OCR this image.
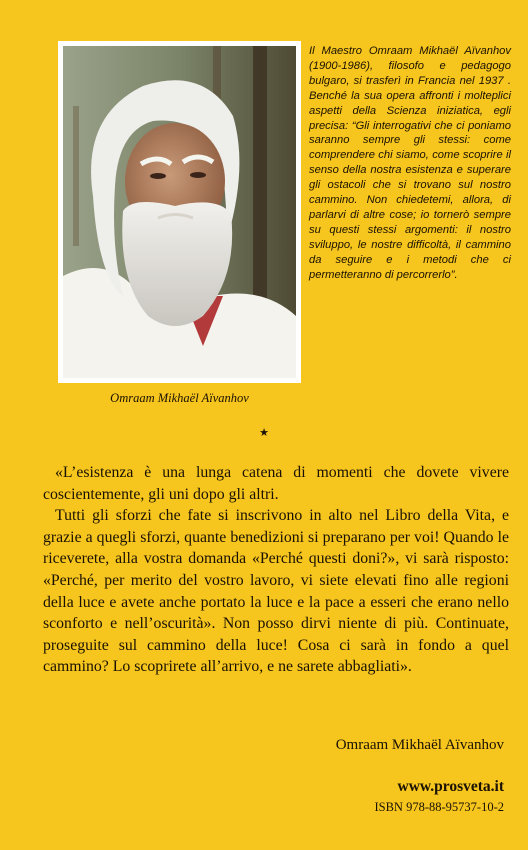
Omraam Mikhaël Aïvanhov

Il Maestro Omraam Mikhaël Aïvanhov (1900-1986), filosofo e pedagogo bulgaro, si trasferì in Francia nel 1937 . Benché la sua opera affronti i molteplici aspetti della Scienza iniziatica, egli precisa: “Gli interrogativi che ci poniamo saranno sempre gli stessi: come comprendere chi siamo, come scoprire il senso della nostra esistenza e superare gli ostacoli che si trovano sul nostro cammino. Non chiedetemi, allora, di parlarvi di altre cose; io tornerò sempre su questi stessi argomenti: il nostro sviluppo, le nostre difficoltà, il cammino da seguire e i metodi che ci permetteranno di percorrerlo”.

★

«L’esistenza è una lunga catena di momenti che dovete vivere coscientemente, gli uni dopo gli altri.

Tutti gli sforzi che fate si inscrivono in alto nel Libro della Vita, e grazie a quegli sforzi, quante benedizioni si preparano per voi! Quando le riceverete, alla vostra domanda «Perché questi doni?», vi sarà risposto: «Perché, per merito del vostro lavoro, vi siete elevati fino alle regioni della luce e avete anche portato la luce e la pace a esseri che erano nello sconforto e nell’oscurità». Non posso dirvi niente di più. Continuate, proseguite sul cammino della luce! Cosa ci sarà in fondo a quel cammino? Lo scoprirete all’arrivo, e ne sarete abbagliati».

Omraam Mikhaël Aïvanhov
www.prosveta.it
ISBN 978-88-95737-10-2
